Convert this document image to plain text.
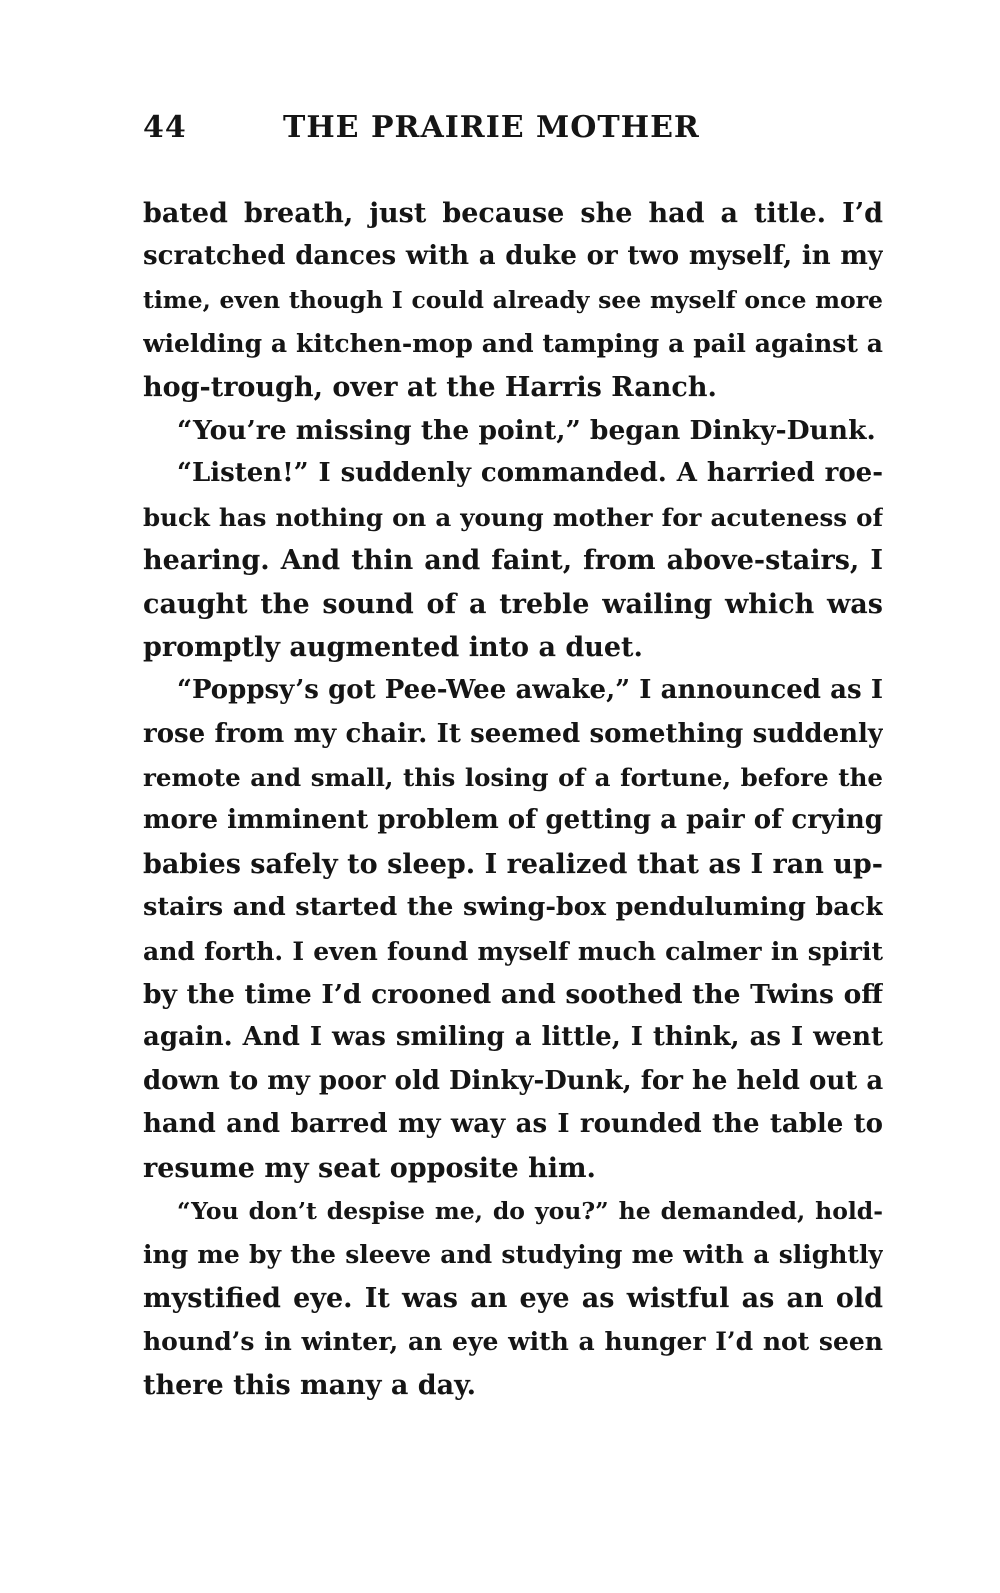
44	THE PRAIRIE MOTHER
bated breath, just because she had a title. I’d
scratched dances with a duke or two myself, in my
time, even though I could already see myself once more
wielding a kitchen-mop and tamping a pail against a
hog-trough, over at the Harris Ranch.
“You’re missing the point,” began Dinky-Dunk.
“Listen!” I suddenly commanded. A harried roe-
buck has nothing on a young mother for acuteness of
hearing. And thin and faint, from above-stairs, I
caught the sound of a treble wailing which was
promptly augmented into a duet.
“Poppsy’s got Pee-Wee awake,” I announced as I
rose from my chair. It seemed something suddenly
remote and small, this losing of a fortune, before the
more imminent problem of getting a pair of crying
babies safely to sleep. I realized that as I ran up-
stairs and started the swing-box penduluming back
and forth. I even found myself much calmer in spirit
by the time I’d crooned and soothed the Twins off
again. And I was smiling a little, I think, as I went
down to my poor old Dinky-Dunk, for he held out a
hand and barred my way as I rounded the table to
resume my seat opposite him.
“You don’t despise me, do you?” he demanded, hold-
ing me by the sleeve and studying me with a slightly
mystified eye. It was an eye as wistful as an old
hound’s in winter, an eye with a hunger I’d not seen
there this many a day.
